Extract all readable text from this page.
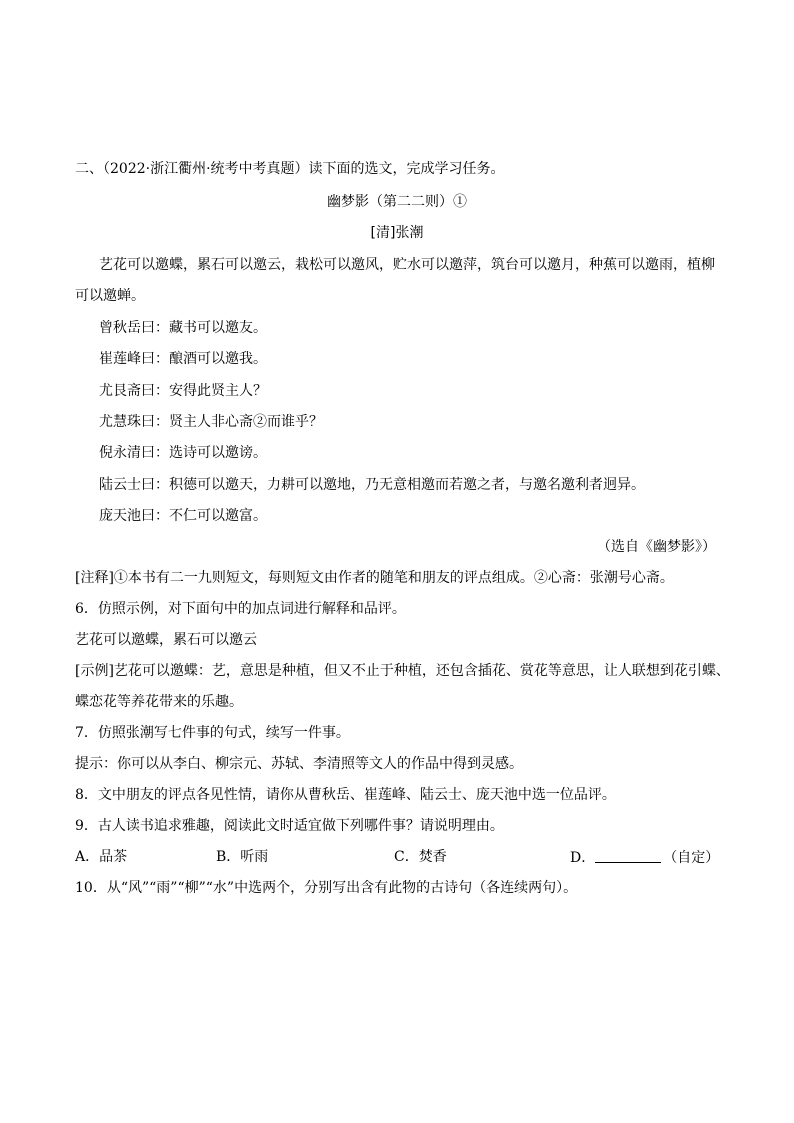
二、（2022·浙江衢州·统考中考真题）读下面的选文，完成学习任务。
幽梦影（第二二则）①
[清]张潮
艺花可以邀蝶，累石可以邀云，栽松可以邀风，贮水可以邀萍，筑台可以邀月，种蕉可以邀雨，植柳
可以邀蝉。
曾秋岳曰：藏书可以邀友。
崔莲峰曰：酿酒可以邀我。
尤艮斋曰：安得此贤主人？
尤慧珠曰：贤主人非心斋②而谁乎？
倪永清曰：选诗可以邀谤。
陆云士曰：积德可以邀天，力耕可以邀地，乃无意相邀而若邀之者，与邀名邀利者迥异。
庞天池曰：不仁可以邀富。
（选自《幽梦影》）
[注释]①本书有二一九则短文，每则短文由作者的随笔和朋友的评点组成。②心斋：张潮号心斋。
6．仿照示例，对下面句中的加点词进行解释和品评。
艺花可以邀蝶，累石可以邀云
[示例]艺花可以邀蝶：艺，意思是种植，但又不止于种植，还包含插花、赏花等意思，让人联想到花引蝶、
蝶恋花等养花带来的乐趣。
7．仿照张潮写七件事的句式，续写一件事。
提示：你可以从李白、柳宗元、苏轼、李清照等文人的作品中得到灵感。
8．文中朋友的评点各见性情，请你从曹秋岳、崔莲峰、陆云士、庞天池中选一位品评。
9．古人读书追求雅趣，阅读此文时适宜做下列哪件事？请说明理由。
A．品茶	B．听雨	C．焚香	D．	（自定）
10．从“风”“雨”“柳”“水”中选两个，分别写出含有此物的古诗句（各连续两句）。
